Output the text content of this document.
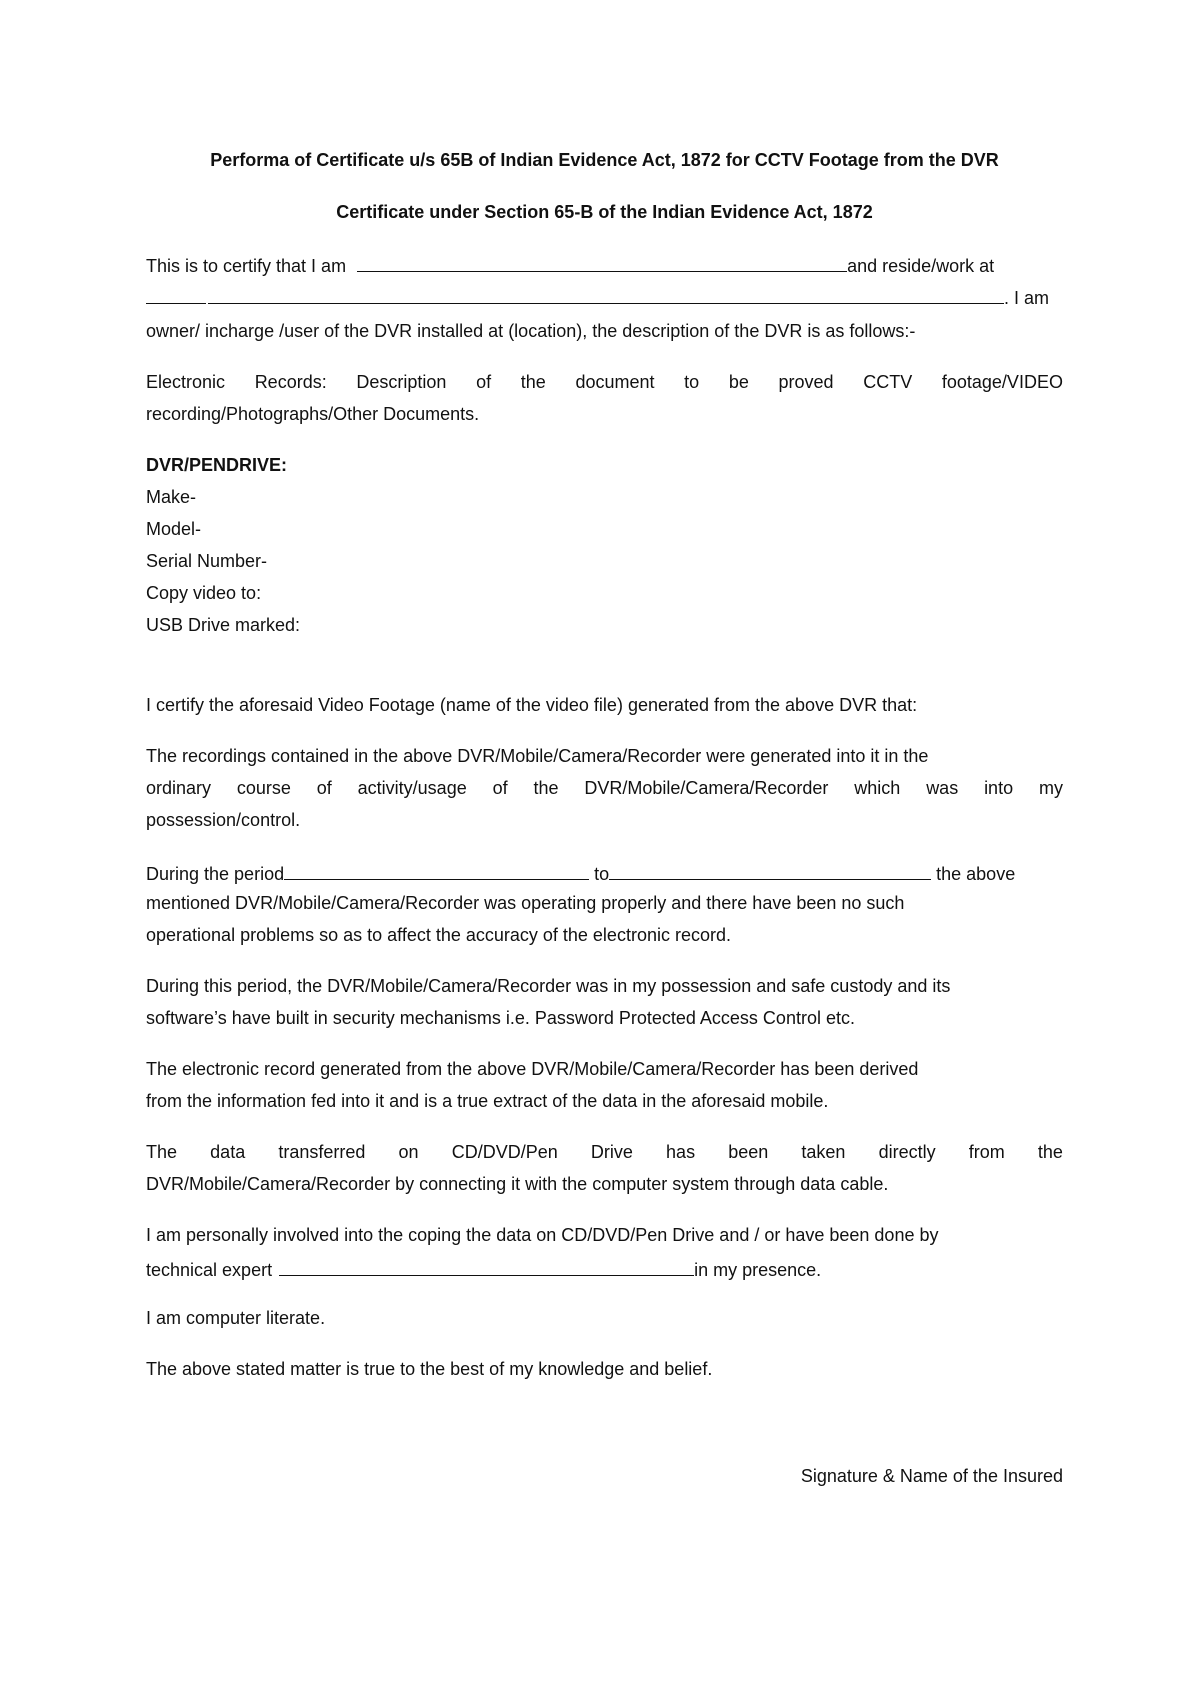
Performa of Certificate u/s 65B of Indian Evidence Act, 1872 for CCTV Footage from the DVR
Certificate under Section 65-B of the Indian Evidence Act, 1872
This is to certify that I am	and reside/work at
. I am
owner/ incharge /user of the DVR installed at (location), the description of the DVR is as follows:-
Electronic Records: Description of the document to be proved CCTV footage/VIDEO
recording/Photographs/Other Documents.
DVR/PENDRIVE:
Make-
Model-
Serial Number-
Copy video to:
USB Drive marked:
I certify the aforesaid Video Footage (name of the video file) generated from the above DVR that:
The recordings contained in the above DVR/Mobile/Camera/Recorder were generated into it in the
ordinary course of activity/usage of the DVR/Mobile/Camera/Recorder which was into my
possession/control.
During the period	to	the above
mentioned DVR/Mobile/Camera/Recorder was operating properly and there have been no such
operational problems so as to affect the accuracy of the electronic record.
During this period, the DVR/Mobile/Camera/Recorder was in my possession and safe custody and its
software’s have built in security mechanisms i.e. Password Protected Access Control etc.
The electronic record generated from the above DVR/Mobile/Camera/Recorder has been derived
from the information fed into it and is a true extract of the data in the aforesaid mobile.
The data transferred on CD/DVD/Pen Drive has been taken directly from the
DVR/Mobile/Camera/Recorder by connecting it with the computer system through data cable.
I am personally involved into the coping the data on CD/DVD/Pen Drive and / or have been done by
technical expert	in my presence.
I am computer literate.
The above stated matter is true to the best of my knowledge and belief.
Signature & Name of the Insured
